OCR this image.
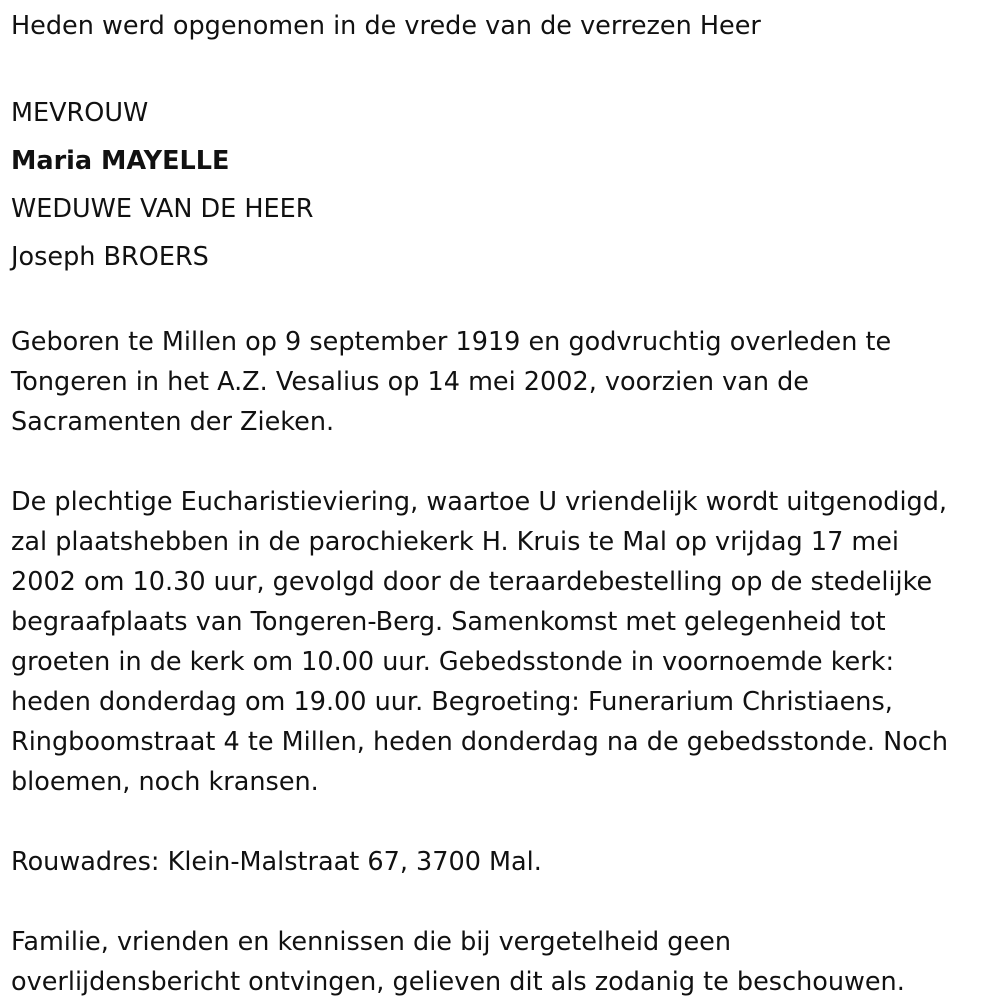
Heden werd opgenomen in de vrede van de verrezen Heer

MEVROUW

Maria MAYELLE

WEDUWE VAN DE HEER

Joseph BROERS

Geboren te Millen op 9 september 1919 en godvruchtig overleden te

Tongeren in het A.Z. Vesalius op 14 mei 2002, voorzien van de

Sacramenten der Zieken.

De plechtige Eucharistieviering, waartoe U vriendelijk wordt uitgenodigd,

zal plaatshebben in de parochiekerk H. Kruis te Mal op vrijdag 17 mei

2002 om 10.30 uur, gevolgd door de teraardebestelling op de stedelijke

begraafplaats van Tongeren-Berg. Samenkomst met gelegenheid tot

groeten in de kerk om 10.00 uur. Gebedsstonde in voornoemde kerk:

heden donderdag om 19.00 uur. Begroeting: Funerarium Christiaens,

Ringboomstraat 4 te Millen, heden donderdag na de gebedsstonde. Noch

bloemen, noch kransen.

Rouwadres: Klein-Malstraat 67, 3700 Mal.

Familie, vrienden en kennissen die bij vergetelheid geen

overlijdensbericht ontvingen, gelieven dit als zodanig te beschouwen.
